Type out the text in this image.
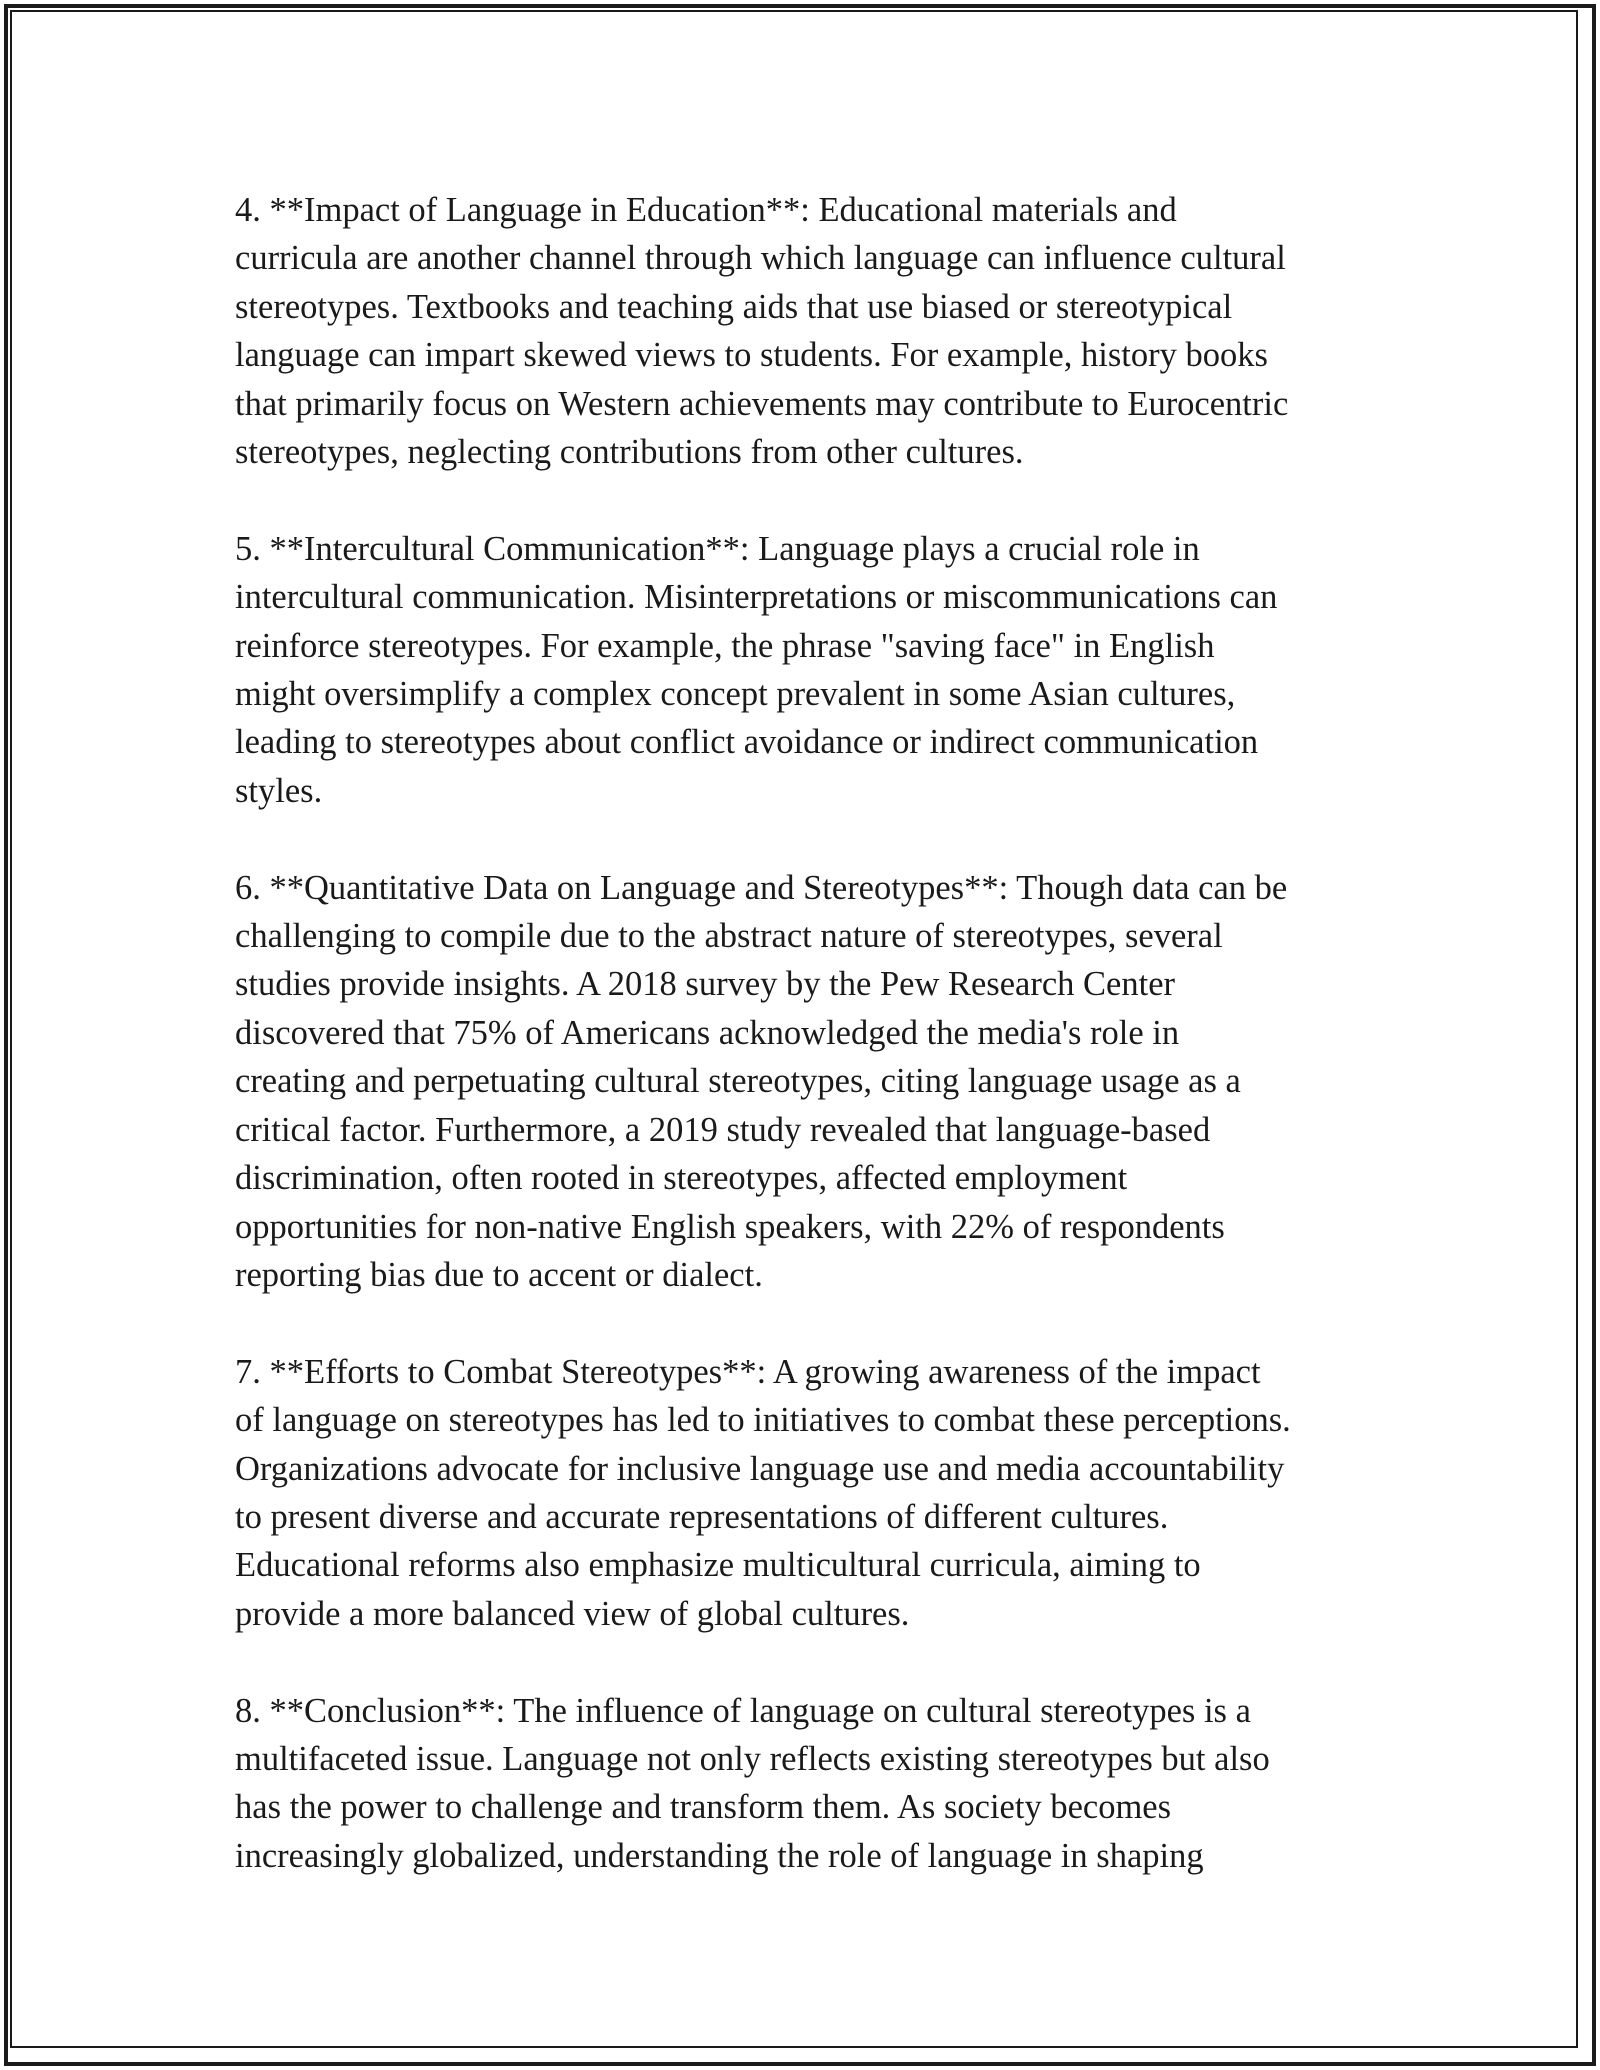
4. **Impact of Language in Education**: Educational materials and
curricula are another channel through which language can influence cultural
stereotypes. Textbooks and teaching aids that use biased or stereotypical
language can impart skewed views to students. For example, history books
that primarily focus on Western achievements may contribute to Eurocentric
stereotypes, neglecting contributions from other cultures.

5. **Intercultural Communication**: Language plays a crucial role in
intercultural communication. Misinterpretations or miscommunications can
reinforce stereotypes. For example, the phrase "saving face" in English
might oversimplify a complex concept prevalent in some Asian cultures,
leading to stereotypes about conflict avoidance or indirect communication
styles.

6. **Quantitative Data on Language and Stereotypes**: Though data can be
challenging to compile due to the abstract nature of stereotypes, several
studies provide insights. A 2018 survey by the Pew Research Center
discovered that 75% of Americans acknowledged the media's role in
creating and perpetuating cultural stereotypes, citing language usage as a
critical factor. Furthermore, a 2019 study revealed that language-based
discrimination, often rooted in stereotypes, affected employment
opportunities for non-native English speakers, with 22% of respondents
reporting bias due to accent or dialect.

7. **Efforts to Combat Stereotypes**: A growing awareness of the impact
of language on stereotypes has led to initiatives to combat these perceptions.
Organizations advocate for inclusive language use and media accountability
to present diverse and accurate representations of different cultures.
Educational reforms also emphasize multicultural curricula, aiming to
provide a more balanced view of global cultures.

8. **Conclusion**: The influence of language on cultural stereotypes is a
multifaceted issue. Language not only reflects existing stereotypes but also
has the power to challenge and transform them. As society becomes
increasingly globalized, understanding the role of language in shaping
